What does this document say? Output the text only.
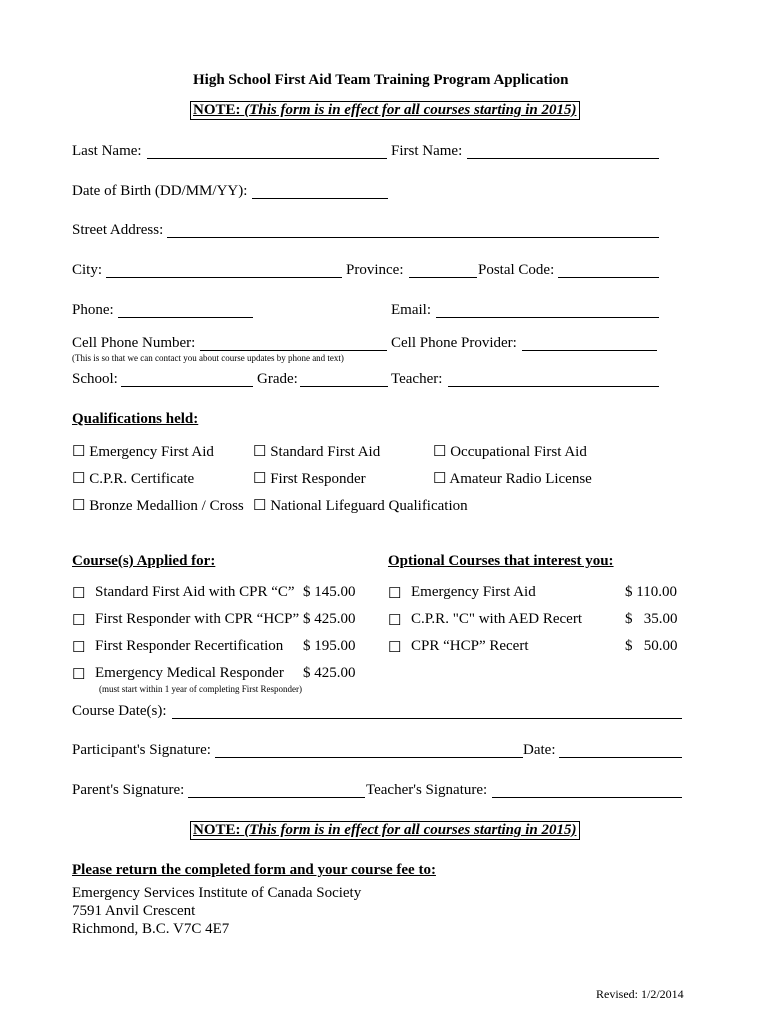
High School First Aid Team Training Program Application
NOTE: (This form is in effect for all courses starting in 2015)
Last Name:	First Name:
Date of Birth (DD/MM/YY):
Street Address:
City:	Province:	Postal Code:
Phone:	Email:
Cell Phone Number:	Cell Phone Provider:
(This is so that we can contact you about course updates by phone and text)
School:	Grade:	Teacher:
Qualifications held:
☐ Emergency First Aid	☐ Standard First Aid	☐ Occupational First Aid
☐ C.P.R. Certificate	☐ First Responder	☐ Amateur Radio License
☐ Bronze Medallion / Cross ☐ National Lifeguard Qualification
Course(s) Applied for:	Optional Courses that interest you:
☐ Standard First Aid with CPR “C” $ 145.00
☐ First Responder with CPR “HCP” $ 425.00
☐ First Responder Recertification $ 195.00
☐ Emergency Medical Responder $ 425.00
(must start within 1 year of completing First Responder)
☐ Emergency First Aid	$ 110.00
☐ C.P.R. "C" with AED Recert	$   35.00
☐ CPR “HCP” Recert	$   50.00
Course Date(s):
Participant's Signature:	Date:
Parent's Signature:	Teacher's Signature:
NOTE: (This form is in effect for all courses starting in 2015)
Please return the completed form and your course fee to:
Emergency Services Institute of Canada Society
7591 Anvil Crescent
Richmond, B.C. V7C 4E7
Revised: 1/2/2014
